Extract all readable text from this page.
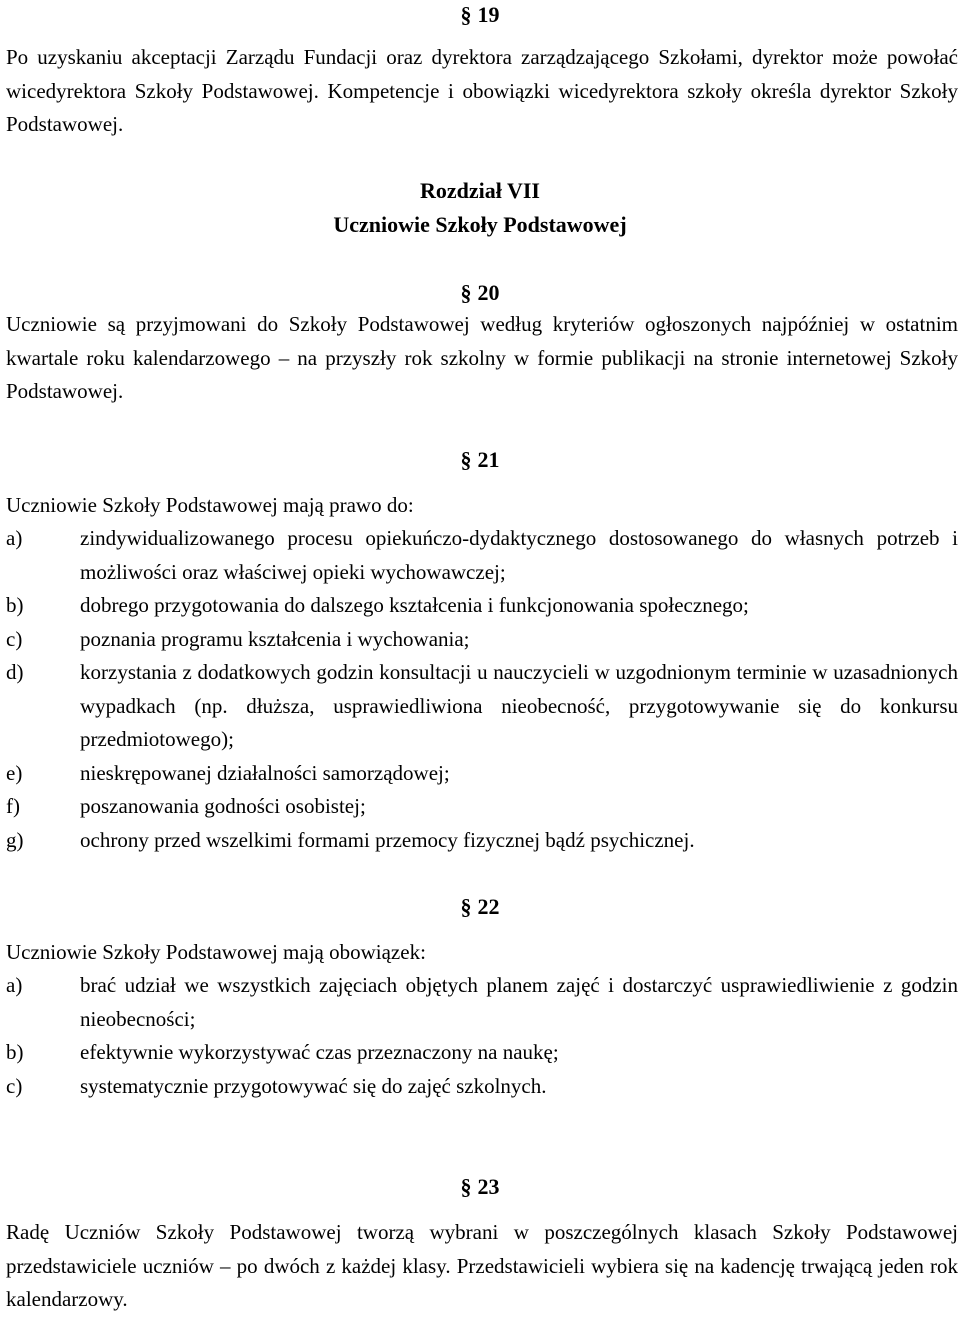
§ 19

Po uzyskaniu akceptacji Zarządu Fundacji oraz dyrektora zarządzającego Szkołami, dyrektor może powołać wicedyrektora Szkoły Podstawowej. Kompetencje i obowiązki wicedyrektora szkoły określa dyrektor Szkoły Podstawowej.

Rozdział VII
Uczniowie Szkoły Podstawowej
§ 20

Uczniowie są przyjmowani do Szkoły Podstawowej według kryteriów ogłoszonych najpóźniej w ostatnim kwartale roku kalendarzowego – na przyszły rok szkolny w formie publikacji na stronie internetowej Szkoły Podstawowej.

§ 21

Uczniowie Szkoły Podstawowej mają prawo do:

a)	zindywidualizowanego procesu opiekuńczo-dydaktycznego dostosowanego do własnych potrzeb i możliwości oraz właściwej opieki wychowawczej;
b)	dobrego przygotowania do dalszego kształcenia i funkcjonowania społecznego;
c)	poznania programu kształcenia i wychowania;
d)	korzystania z dodatkowych godzin konsultacji u nauczycieli w uzgodnionym terminie w uzasadnionych wypadkach (np. dłuższa, usprawiedliwiona nieobecność, przygotowywanie się do konkursu przedmiotowego);
e)	nieskrępowanej działalności samorządowej;
f)	poszanowania godności osobistej;
g)	ochrony przed wszelkimi formami przemocy fizycznej bądź psychicznej.
§ 22

Uczniowie Szkoły Podstawowej mają obowiązek:

a)	brać udział we wszystkich zajęciach objętych planem zajęć i dostarczyć usprawiedliwienie z godzin nieobecności;
b)	efektywnie wykorzystywać czas przeznaczony na naukę;
c)	systematycznie przygotowywać się do zajęć szkolnych.
§ 23

Radę Uczniów Szkoły Podstawowej tworzą wybrani w poszczególnych klasach Szkoły Podstawowej przedstawiciele uczniów – po dwóch z każdej klasy. Przedstawicieli wybiera się na kadencję trwającą jeden rok kalendarzowy.
